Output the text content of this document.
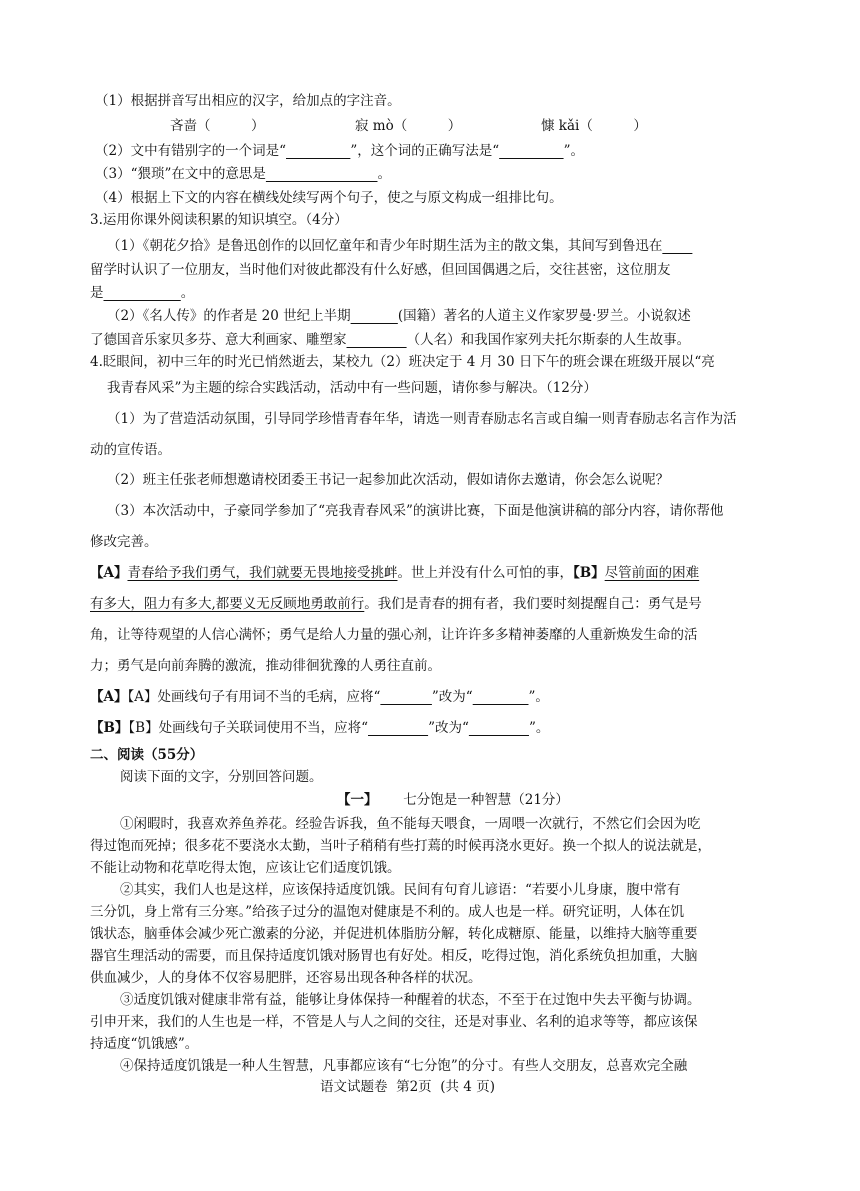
（1）根据拼音写出相应的汉字，给加点的字注音。
吝啬（　　　）	寂 mò（　　　）	慷 kǎi（　　　）
（2）文中有错别字的一个词是“	”，这个词的正确写法是“	”。
（3）“猥琐”在文中的意思是	。
（4）根据上下文的内容在横线处续写两个句子，使之与原文构成一组排比句。
3.运用你课外阅读积累的知识填空。（4分）
（1）《朝花夕拾》是鲁迅创作的以回忆童年和青少年时期生活为主的散文集，其间写到鲁迅在
留学时认识了一位朋友，当时他们对彼此都没有什么好感，但回国偶遇之后，交往甚密，这位朋友
是	。
（2）《名人传》的作者是 20 世纪上半期	(国籍）著名的人道主义作家罗曼·罗兰。小说叙述
了德国音乐家贝多芬、意大利画家、雕塑家	（人名）和我国作家列夫托尔斯泰的人生故事。
4.眨眼间，初中三年的时光已悄然逝去，某校九（2）班决定于 4 月 30 日下午的班会课在班级开展以“亮
我青春风采”为主题的综合实践活动，活动中有一些问题，请你参与解决。（12分）
（1）为了营造活动氛围，引导同学珍惜青春年华，请选一则青春励志名言或自编一则青春励志名言作为活
动的宣传语。
（2）班主任张老师想邀请校团委王书记一起参加此次活动，假如请你去邀请，你会怎么说呢？
（3）本次活动中，子豪同学参加了“亮我青春风采”的演讲比赛，下面是他演讲稿的部分内容，请你帮他
修改完善。
【A】青春给予我们勇气，我们就要无畏地接受挑衅。世上并没有什么可怕的事，【B】尽管前面的困难
有多大，阻力有多大,都要义无反顾地勇敢前行。我们是青春的拥有者，我们要时刻提醒自己：勇气是号
角，让等待观望的人信心满怀；勇气是给人力量的强心剂，让许许多多精神萎靡的人重新焕发生命的活
力；勇气是向前奔腾的激流，推动徘徊犹豫的人勇往直前。
【A】【A】处画线句子有用词不当的毛病，应将“	”改为“	”。
【B】【B】处画线句子关联词使用不当，应将“	”改为“	”。
二、阅读（55分）
阅读下面的文字，分别回答问题。
【一】 七分饱是一种智慧（21分）
①闲暇时，我喜欢养鱼养花。经验告诉我，鱼不能每天喂食，一周喂一次就行，不然它们会因为吃
得过饱而死掉；很多花不要浇水太勤，当叶子稍稍有些打蔫的时候再浇水更好。换一个拟人的说法就是，
不能让动物和花草吃得太饱，应该让它们适度饥饿。
②其实，我们人也是这样，应该保持适度饥饿。民间有句育儿谚语：“若要小儿身康，腹中常有
三分饥，身上常有三分寒。”给孩子过分的温饱对健康是不利的。成人也是一样。研究证明，人体在饥
饿状态，脑垂体会减少死亡激素的分泌，并促进机体脂肪分解，转化成糖原、能量，以维持大脑等重要
器官生理活动的需要，而且保持适度饥饿对肠胃也有好处。相反，吃得过饱，消化系统负担加重，大脑
供血减少，人的身体不仅容易肥胖，还容易出现各种各样的状况。
③适度饥饿对健康非常有益，能够让身体保持一种醒着的状态，不至于在过饱中失去平衡与协调。
引申开来，我们的人生也是一样，不管是人与人之间的交往，还是对事业、名利的追求等等，都应该保
持适度“饥饿感”。
④保持适度饥饿是一种人生智慧，凡事都应该有“七分饱”的分寸。有些人交朋友，总喜欢完全融
语文试题卷  第2页  (共 4 页)
